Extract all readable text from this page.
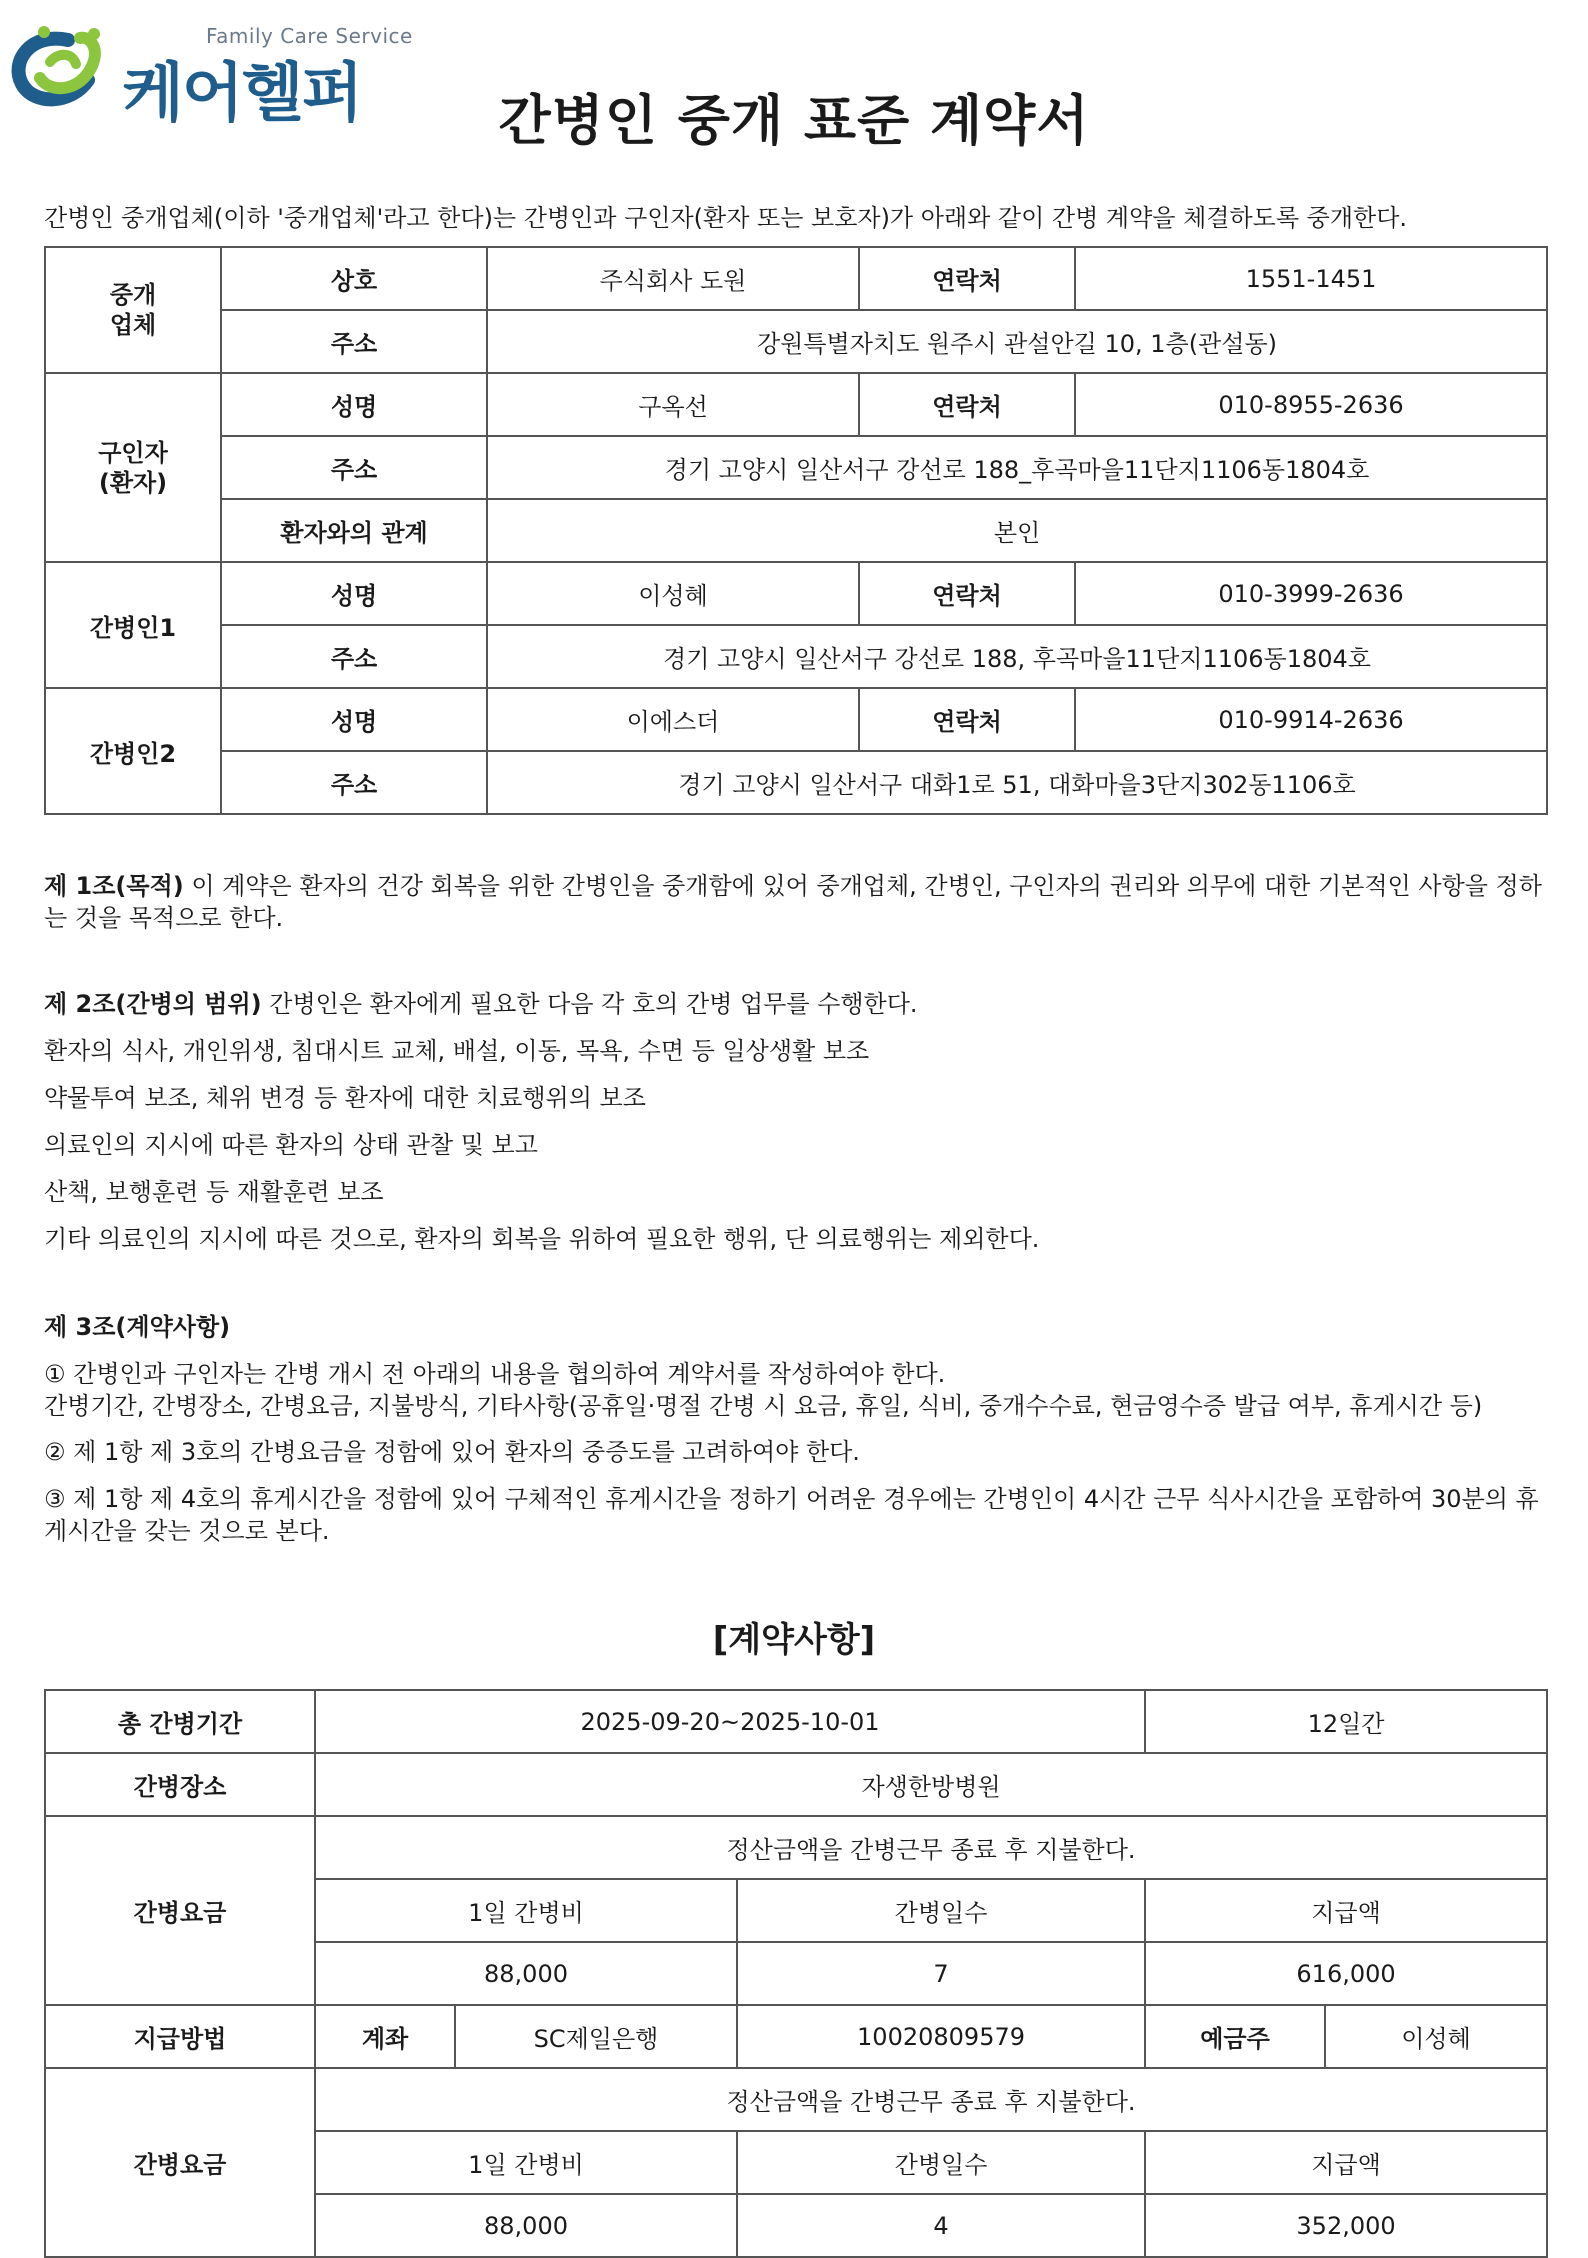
Family Care Service
케어헬퍼	간병인 중개 표준 계약서
간병인 중개업체(이하 '중개업체'라고 한다)는 간병인과 구인자(환자 또는 보호자)가 아래와 같이 간병 계약을 체결하도록 중개한다.
중개
업체	상호	주식회사 도원	연락처	1551-1451
	주소	강원특별자치도 원주시 관설안길 10, 1층(관설동)		
구인자
(환자)	성명	구옥선	연락처	010-8955-2636
	주소	경기 고양시 일산서구 강선로 188_후곡마을11단지1106동1804호		
	환자와의 관계	본인		
간병인1	성명	이성혜	연락처	010-3999-2636
	주소	경기 고양시 일산서구 강선로 188, 후곡마을11단지1106동1804호		
간병인2	성명	이에스더	연락처	010-9914-2636
	주소	경기 고양시 일산서구 대화1로 51, 대화마을3단지302동1106호		
제 1조(목적) 이 계약은 환자의 건강 회복을 위한 간병인을 중개함에 있어 중개업체, 간병인, 구인자의 권리와 의무에 대한 기본적인 사항을 정하는 것을 목적으로 한다.
제 2조(간병의 범위) 간병인은 환자에게 필요한 다음 각 호의 간병 업무를 수행한다.
환자의 식사, 개인위생, 침대시트 교체, 배설, 이동, 목욕, 수면 등 일상생활 보조
약물투여 보조, 체위 변경 등 환자에 대한 치료행위의 보조
의료인의 지시에 따른 환자의 상태 관찰 및 보고
산책, 보행훈련 등 재활훈련 보조
기타 의료인의 지시에 따른 것으로, 환자의 회복을 위하여 필요한 행위, 단 의료행위는 제외한다.
제 3조(계약사항)
① 간병인과 구인자는 간병 개시 전 아래의 내용을 협의하여 계약서를 작성하여야 한다.
간병기간, 간병장소, 간병요금, 지불방식, 기타사항(공휴일·명절 간병 시 요금, 휴일, 식비, 중개수수료, 현금영수증 발급 여부, 휴게시간 등)
② 제 1항 제 3호의 간병요금을 정함에 있어 환자의 중증도를 고려하여야 한다.
③ 제 1항 제 4호의 휴게시간을 정함에 있어 구체적인 휴게시간을 정하기 어려운 경우에는 간병인이 4시간 근무 식사시간을 포함하여 30분의 휴게시간을 갖는 것으로 본다.
[계약사항]
총 간병기간	2025-09-20~2025-10-01			12일간	
간병장소	자생한방병원				
간병요금	정산금액을 간병근무 종료 후 지불한다.				
	1일 간병비		간병일수	지급액	
	88,000		7	616,000	
지급방법	계좌	SC제일은행	10020809579	예금주	이성혜
간병요금	정산금액을 간병근무 종료 후 지불한다.				
	1일 간병비		간병일수	지급액	
	88,000		4	352,000	
